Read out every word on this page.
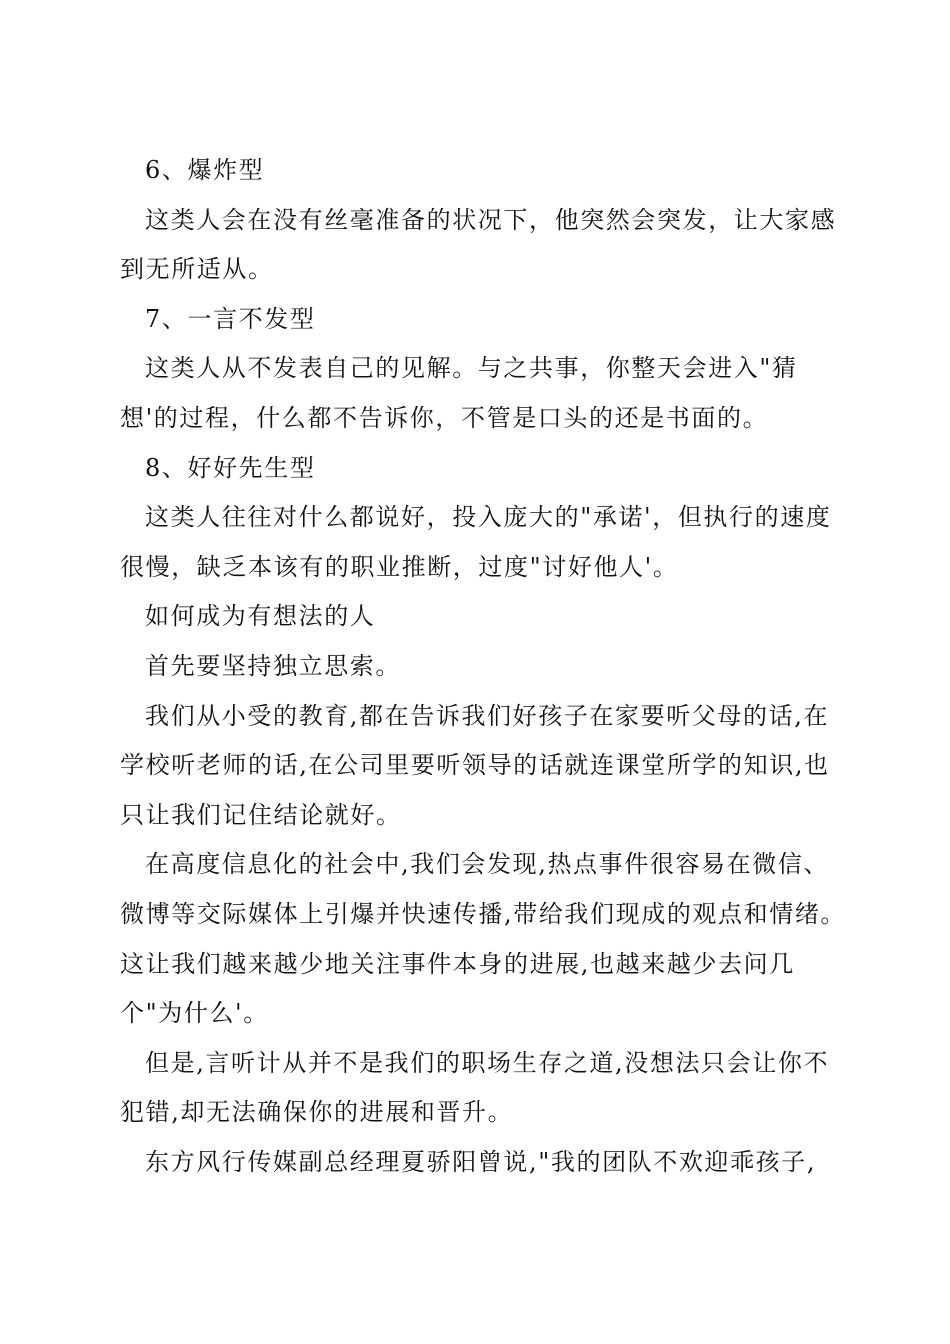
6、爆炸型
这类人会在没有丝毫准备的状况下，他突然会突发，让大家感
到无所适从。
7、一言不发型
这类人从不发表自己的见解。与之共事，你整天会进入"猜
想'的过程，什么都不告诉你，不管是口头的还是书面的。
8、好好先生型
这类人往往对什么都说好，投入庞大的"承诺'，但执行的速度
很慢，缺乏本该有的职业推断，过度"讨好他人'。
如何成为有想法的人
首先要坚持独立思索。
我们从小受的教育,都在告诉我们好孩子在家要听父母的话,在
学校听老师的话,在公司里要听领导的话就连课堂所学的知识,也
只让我们记住结论就好。
在高度信息化的社会中,我们会发现,热点事件很容易在微信、
微博等交际媒体上引爆并快速传播,带给我们现成的观点和情绪。
这让我们越来越少地关注事件本身的进展,也越来越少去问几
个"为什么'。
但是,言听计从并不是我们的职场生存之道,没想法只会让你不
犯错,却无法确保你的进展和晋升。
东方风行传媒副总经理夏骄阳曾说,"我的团队不欢迎乖孩子,
